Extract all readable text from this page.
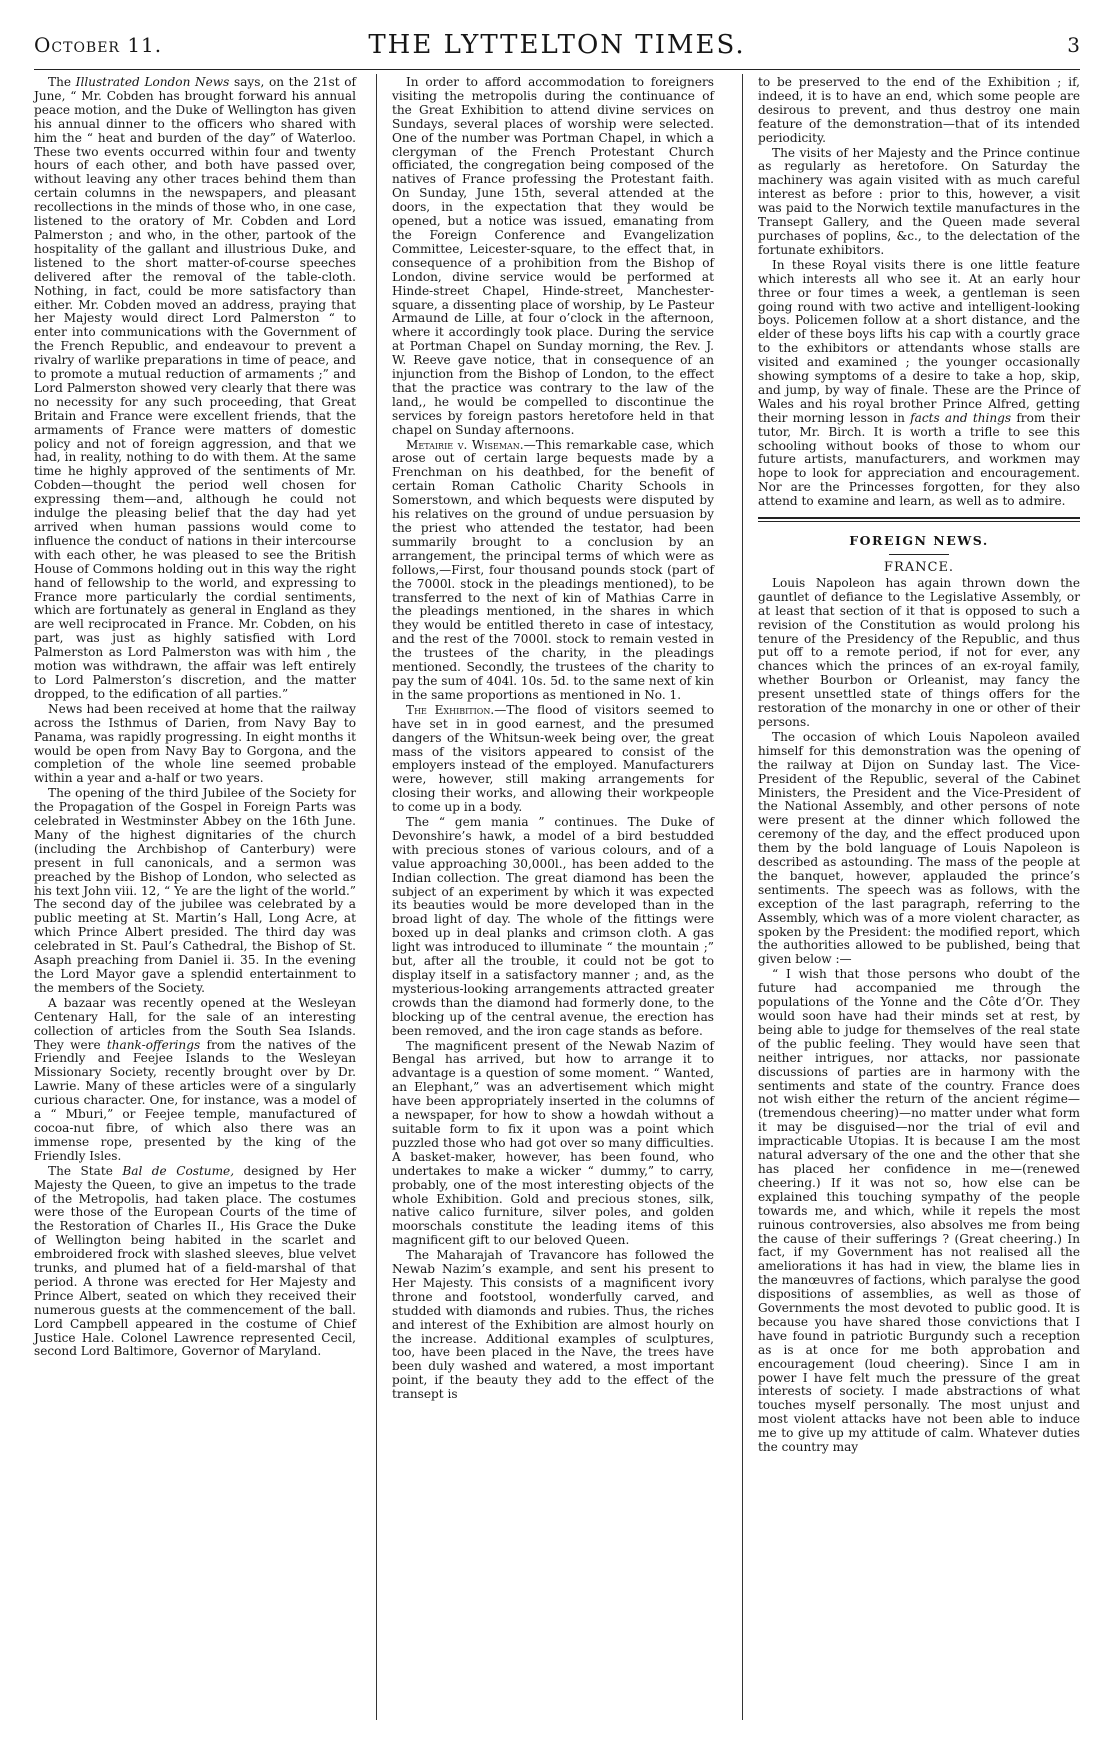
THE LYTTELTON TIMES.
October 11.	3

The Illustrated London News says, on the 21st of June, “ Mr. Cobden has brought forward his annual peace motion, and the Duke of Wellington has given his annual dinner to the officers who shared with him the “ heat and burden of the day” of Waterloo. These two events occurred within four and twenty hours of each other, and both have passed over, without leaving any other traces behind them than certain columns in the newspapers, and pleasant recollections in the minds of those who, in one case, listened to the oratory of Mr. Cobden and Lord Palmerston ; and who, in the other, partook of the hospitality of the gallant and illustrious Duke, and listened to the short matter-of-course speeches delivered after the removal of the table-cloth. Nothing, in fact, could be more satisfactory than either. Mr. Cobden moved an address, praying that her Majesty would direct Lord Palmerston “ to enter into communications with the Government of the French Republic, and endeavour to prevent a rivalry of warlike preparations in time of peace, and to promote a mutual reduction of armaments ;” and Lord Palmerston showed very clearly that there was no necessity for any such proceeding, that Great Britain and France were excellent friends, that the armaments of France were matters of domestic policy and not of foreign aggression, and that we had, in reality, nothing to do with them. At the same time he highly approved of the sentiments of Mr. Cobden—thought the period well chosen for expressing them—and, although he could not indulge the pleasing belief that the day had yet arrived when human passions would come to influence the conduct of nations in their intercourse with each other, he was pleased to see the British House of Commons holding out in this way the right hand of fellowship to the world, and expressing to France more particularly the cordial sentiments, which are fortunately as general in England as they are well reciprocated in France. Mr. Cobden, on his part, was just as highly satisfied with Lord Palmerston as Lord Palmerston was with him , the motion was withdrawn, the affair was left entirely to Lord Palmerston’s discretion, and the matter dropped, to the edification of all parties.”

News had been received at home that the railway across the Isthmus of Darien, from Navy Bay to Panama, was rapidly progressing. In eight months it would be open from Navy Bay to Gorgona, and the completion of the whole line seemed probable within a year and a-half or two years.

The opening of the third Jubilee of the Society for the Propagation of the Gospel in Foreign Parts was celebrated in Westminster Abbey on the 16th June. Many of the highest dignitaries of the church (including the Archbishop of Canterbury) were present in full canonicals, and a sermon was preached by the Bishop of London, who selected as his text John viii. 12, “ Ye are the light of the world.” The second day of the jubilee was celebrated by a public meeting at St. Martin’s Hall, Long Acre, at which Prince Albert presided. The third day was celebrated in St. Paul’s Cathedral, the Bishop of St. Asaph preaching from Daniel ii. 35. In the evening the Lord Mayor gave a splendid entertainment to the members of the Society.

A bazaar was recently opened at the Wesleyan Centenary Hall, for the sale of an interesting collection of articles from the South Sea Islands. They were thank-offerings from the natives of the Friendly and Feejee Islands to the Wesleyan Missionary Society, recently brought over by Dr. Lawrie. Many of these articles were of a singularly curious character. One, for instance, was a model of a “ Mburi,” or Feejee temple, manufactured of cocoa-nut fibre, of which also there was an immense rope, presented by the king of the Friendly Isles.

The State Bal de Costume, designed by Her Majesty the Queen, to give an impetus to the trade of the Metropolis, had taken place. The costumes were those of the European Courts of the time of the Restoration of Charles II., His Grace the Duke of Wellington being habited in the scarlet and embroidered frock with slashed sleeves, blue velvet trunks, and plumed hat of a field-marshal of that period. A throne was erected for Her Majesty and Prince Albert, seated on which they received their numerous guests at the commencement of the ball. Lord Campbell appeared in the costume of Chief Justice Hale. Colonel Lawrence represented Cecil, second Lord Baltimore, Governor of Maryland.

In order to afford accommodation to foreigners visiting the metropolis during the continuance of the Great Exhibition to attend divine services on Sundays, several places of worship were selected. One of the number was Portman Chapel, in which a clergyman of the French Protestant Church officiated, the congregation being composed of the natives of France professing the Protestant faith. On Sunday, June 15th, several attended at the doors, in the expectation that they would be opened, but a notice was issued, emanating from the Foreign Conference and Evangelization Committee, Leicester-square, to the effect that, in consequence of a prohibition from the Bishop of London, divine service would be performed at Hinde-street Chapel, Hinde-street, Manchester-square, a dissenting place of worship, by Le Pasteur Armaund de Lille, at four o’clock in the afternoon, where it accordingly took place. During the service at Portman Chapel on Sunday morning, the Rev. J. W. Reeve gave notice, that in consequence of an injunction from the Bishop of London, to the effect that the practice was contrary to the law of the land,, he would be compelled to discontinue the services by foreign pastors heretofore held in that chapel on Sunday afternoons.

Metairie v. Wiseman.—This remarkable case, which arose out of certain large bequests made by a Frenchman on his deathbed, for the benefit of certain Roman Catholic Charity Schools in Somerstown, and which bequests were disputed by his relatives on the ground of undue persuasion by the priest who attended the testator, had been summarily brought to a conclusion by an arrangement, the principal terms of which were as follows,—First, four thousand pounds stock (part of the 7000l. stock in the pleadings mentioned), to be transferred to the next of kin of Mathias Carre in the pleadings mentioned, in the shares in which they would be entitled thereto in case of intestacy, and the rest of the 7000l. stock to remain vested in the trustees of the charity, in the pleadings mentioned. Secondly, the trustees of the charity to pay the sum of 404l. 10s. 5d. to the same next of kin in the same proportions as mentioned in No. 1.

The Exhibition.—The flood of visitors seemed to have set in in good earnest, and the presumed dangers of the Whitsun-week being over, the great mass of the visitors appeared to consist of the employers instead of the employed. Manufacturers were, however, still making arrangements for closing their works, and allowing their workpeople to come up in a body.

The “ gem mania ” continues. The Duke of Devonshire’s hawk, a model of a bird bestudded with precious stones of various colours, and of a value approaching 30,000l., has been added to the Indian collection. The great diamond has been the subject of an experiment by which it was expected its beauties would be more developed than in the broad light of day. The whole of the fittings were boxed up in deal planks and crimson cloth. A gas light was introduced to illuminate “ the mountain ;” but, after all the trouble, it could not be got to display itself in a satisfactory manner ; and, as the mysterious-looking arrangements attracted greater crowds than the diamond had formerly done, to the blocking up of the central avenue, the erection has been removed, and the iron cage stands as before.

The magnificent present of the Newab Nazim of Bengal has arrived, but how to arrange it to advantage is a question of some moment. “ Wanted, an Elephant,” was an advertisement which might have been appropriately inserted in the columns of a newspaper, for how to show a howdah without a suitable form to fix it upon was a point which puzzled those who had got over so many difficulties. A basket-maker, however, has been found, who undertakes to make a wicker “ dummy,” to carry, probably, one of the most interesting objects of the whole Exhibition. Gold and precious stones, silk, native calico furniture, silver poles, and golden moorschals constitute the leading items of this magnificent gift to our beloved Queen.

The Maharajah of Travancore has followed the Newab Nazim’s example, and sent his present to Her Majesty. This consists of a magnificent ivory throne and footstool, wonderfully carved, and studded with diamonds and rubies. Thus, the riches and interest of the Exhibition are almost hourly on the increase. Additional examples of sculptures, too, have been placed in the Nave, the trees have been duly washed and watered, a most important point, if the beauty they add to the effect of the transept is

to be preserved to the end of the Exhibition ; if, indeed, it is to have an end, which some people are desirous to prevent, and thus destroy one main feature of the demonstration—that of its intended periodicity.

The visits of her Majesty and the Prince continue as regularly as heretofore. On Saturday the machinery was again visited with as much careful interest as before : prior to this, however, a visit was paid to the Norwich textile manufactures in the Transept Gallery, and the Queen made several purchases of poplins, &c., to the delectation of the fortunate exhibitors.

In these Royal visits there is one little feature which interests all who see it. At an early hour three or four times a week, a gentleman is seen going round with two active and intelligent-looking boys. Policemen follow at a short distance, and the elder of these boys lifts his cap with a courtly grace to the exhibitors or attendants whose stalls are visited and examined ; the younger occasionally showing symptoms of a desire to take a hop, skip, and jump, by way of finale. These are the Prince of Wales and his royal brother Prince Alfred, getting their morning lesson in facts and things from their tutor, Mr. Birch. It is worth a trifle to see this schooling without books of those to whom our future artists, manufacturers, and workmen may hope to look for appreciation and encouragement. Nor are the Princesses forgotten, for they also attend to examine and learn, as well as to admire.

FOREIGN NEWS.
FRANCE.

Louis Napoleon has again thrown down the gauntlet of defiance to the Legislative Assembly, or at least that section of it that is opposed to such a revision of the Constitution as would prolong his tenure of the Presidency of the Republic, and thus put off to a remote period, if not for ever, any chances which the princes of an ex-royal family, whether Bourbon or Orleanist, may fancy the present unsettled state of things offers for the restoration of the monarchy in one or other of their persons.

The occasion of which Louis Napoleon availed himself for this demonstration was the opening of the railway at Dijon on Sunday last. The Vice-President of the Republic, several of the Cabinet Ministers, the President and the Vice-President of the National Assembly, and other persons of note were present at the dinner which followed the ceremony of the day, and the effect produced upon them by the bold language of Louis Napoleon is described as astounding. The mass of the people at the banquet, however, applauded the prince’s sentiments. The speech was as follows, with the exception of the last paragraph, referring to the Assembly, which was of a more violent character, as spoken by the President: the modified report, which the authorities allowed to be published, being that given below :—

“ I wish that those persons who doubt of the future had accompanied me through the populations of the Yonne and the Côte d’Or. They would soon have had their minds set at rest, by being able to judge for themselves of the real state of the public feeling. They would have seen that neither intrigues, nor attacks, nor passionate discussions of parties are in harmony with the sentiments and state of the country. France does not wish either the return of the ancient régime—(tremendous cheering)—no matter under what form it may be disguised—nor the trial of evil and impracticable Utopias. It is because I am the most natural adversary of the one and the other that she has placed her confidence in me—(renewed cheering.) If it was not so, how else can be explained this touching sympathy of the people towards me, and which, while it repels the most ruinous controversies, also absolves me from being the cause of their sufferings ? (Great cheering.) In fact, if my Government has not realised all the ameliorations it has had in view, the blame lies in the manœuvres of factions, which paralyse the good dispositions of assemblies, as well as those of Governments the most devoted to public good. It is because you have shared those convictions that I have found in patriotic Burgundy such a reception as is at once for me both approbation and encouragement (loud cheering). Since I am in power I have felt much the pressure of the great interests of society. I made abstractions of what touches myself personally. The most unjust and most violent attacks have not been able to induce me to give up my attitude of calm. Whatever duties the country may
